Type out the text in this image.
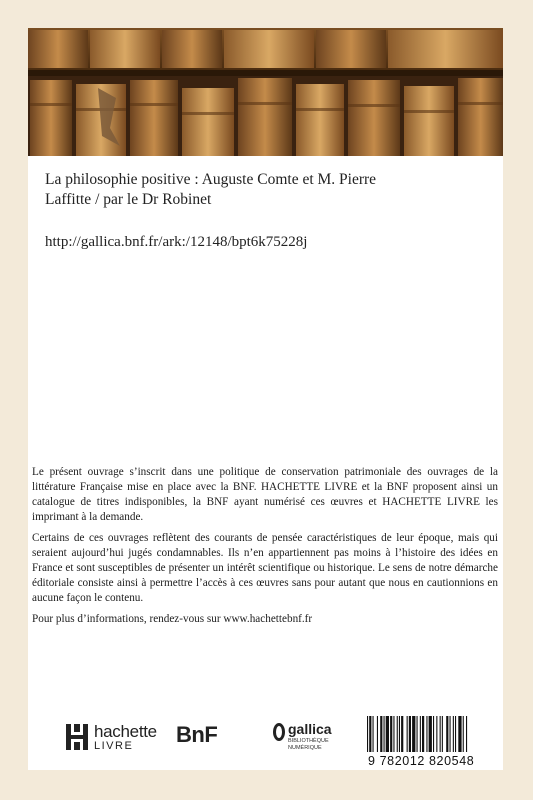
La philosophie positive : Auguste Comte et M. Pierre
Laffitte / par le Dr Robinet
http://gallica.bnf.fr/ark:/12148/bpt6k75228j

Le présent ouvrage s’inscrit dans une politique de conservation patrimoniale des ouvrages de la littérature Française mise en place avec la BNF. HACHETTE LIVRE et la BNF proposent ainsi un catalogue de titres indisponibles, la BNF ayant numérisé ces œuvres et HACHETTE LIVRE les imprimant à la demande.

Certains de ces ouvrages reflètent des courants de pensée caractéristiques de leur époque, mais qui seraient aujourd’hui jugés condamnables. Ils n’en appartiennent pas moins à l’histoire des idées en France et sont susceptibles de présenter un intérêt scientifique ou historique. Le sens de notre démarche éditoriale consiste ainsi à permettre l’accès à ces œuvres sans pour autant que nous en cautionnions en aucune façon le contenu.

Pour plus d’informations, rendez-vous sur www.hachettebnf.fr

hachette
LIVRE	BnF	gallica
BIBLIOTHÈQUE
NUMÉRIQUE
9 782012 820548
